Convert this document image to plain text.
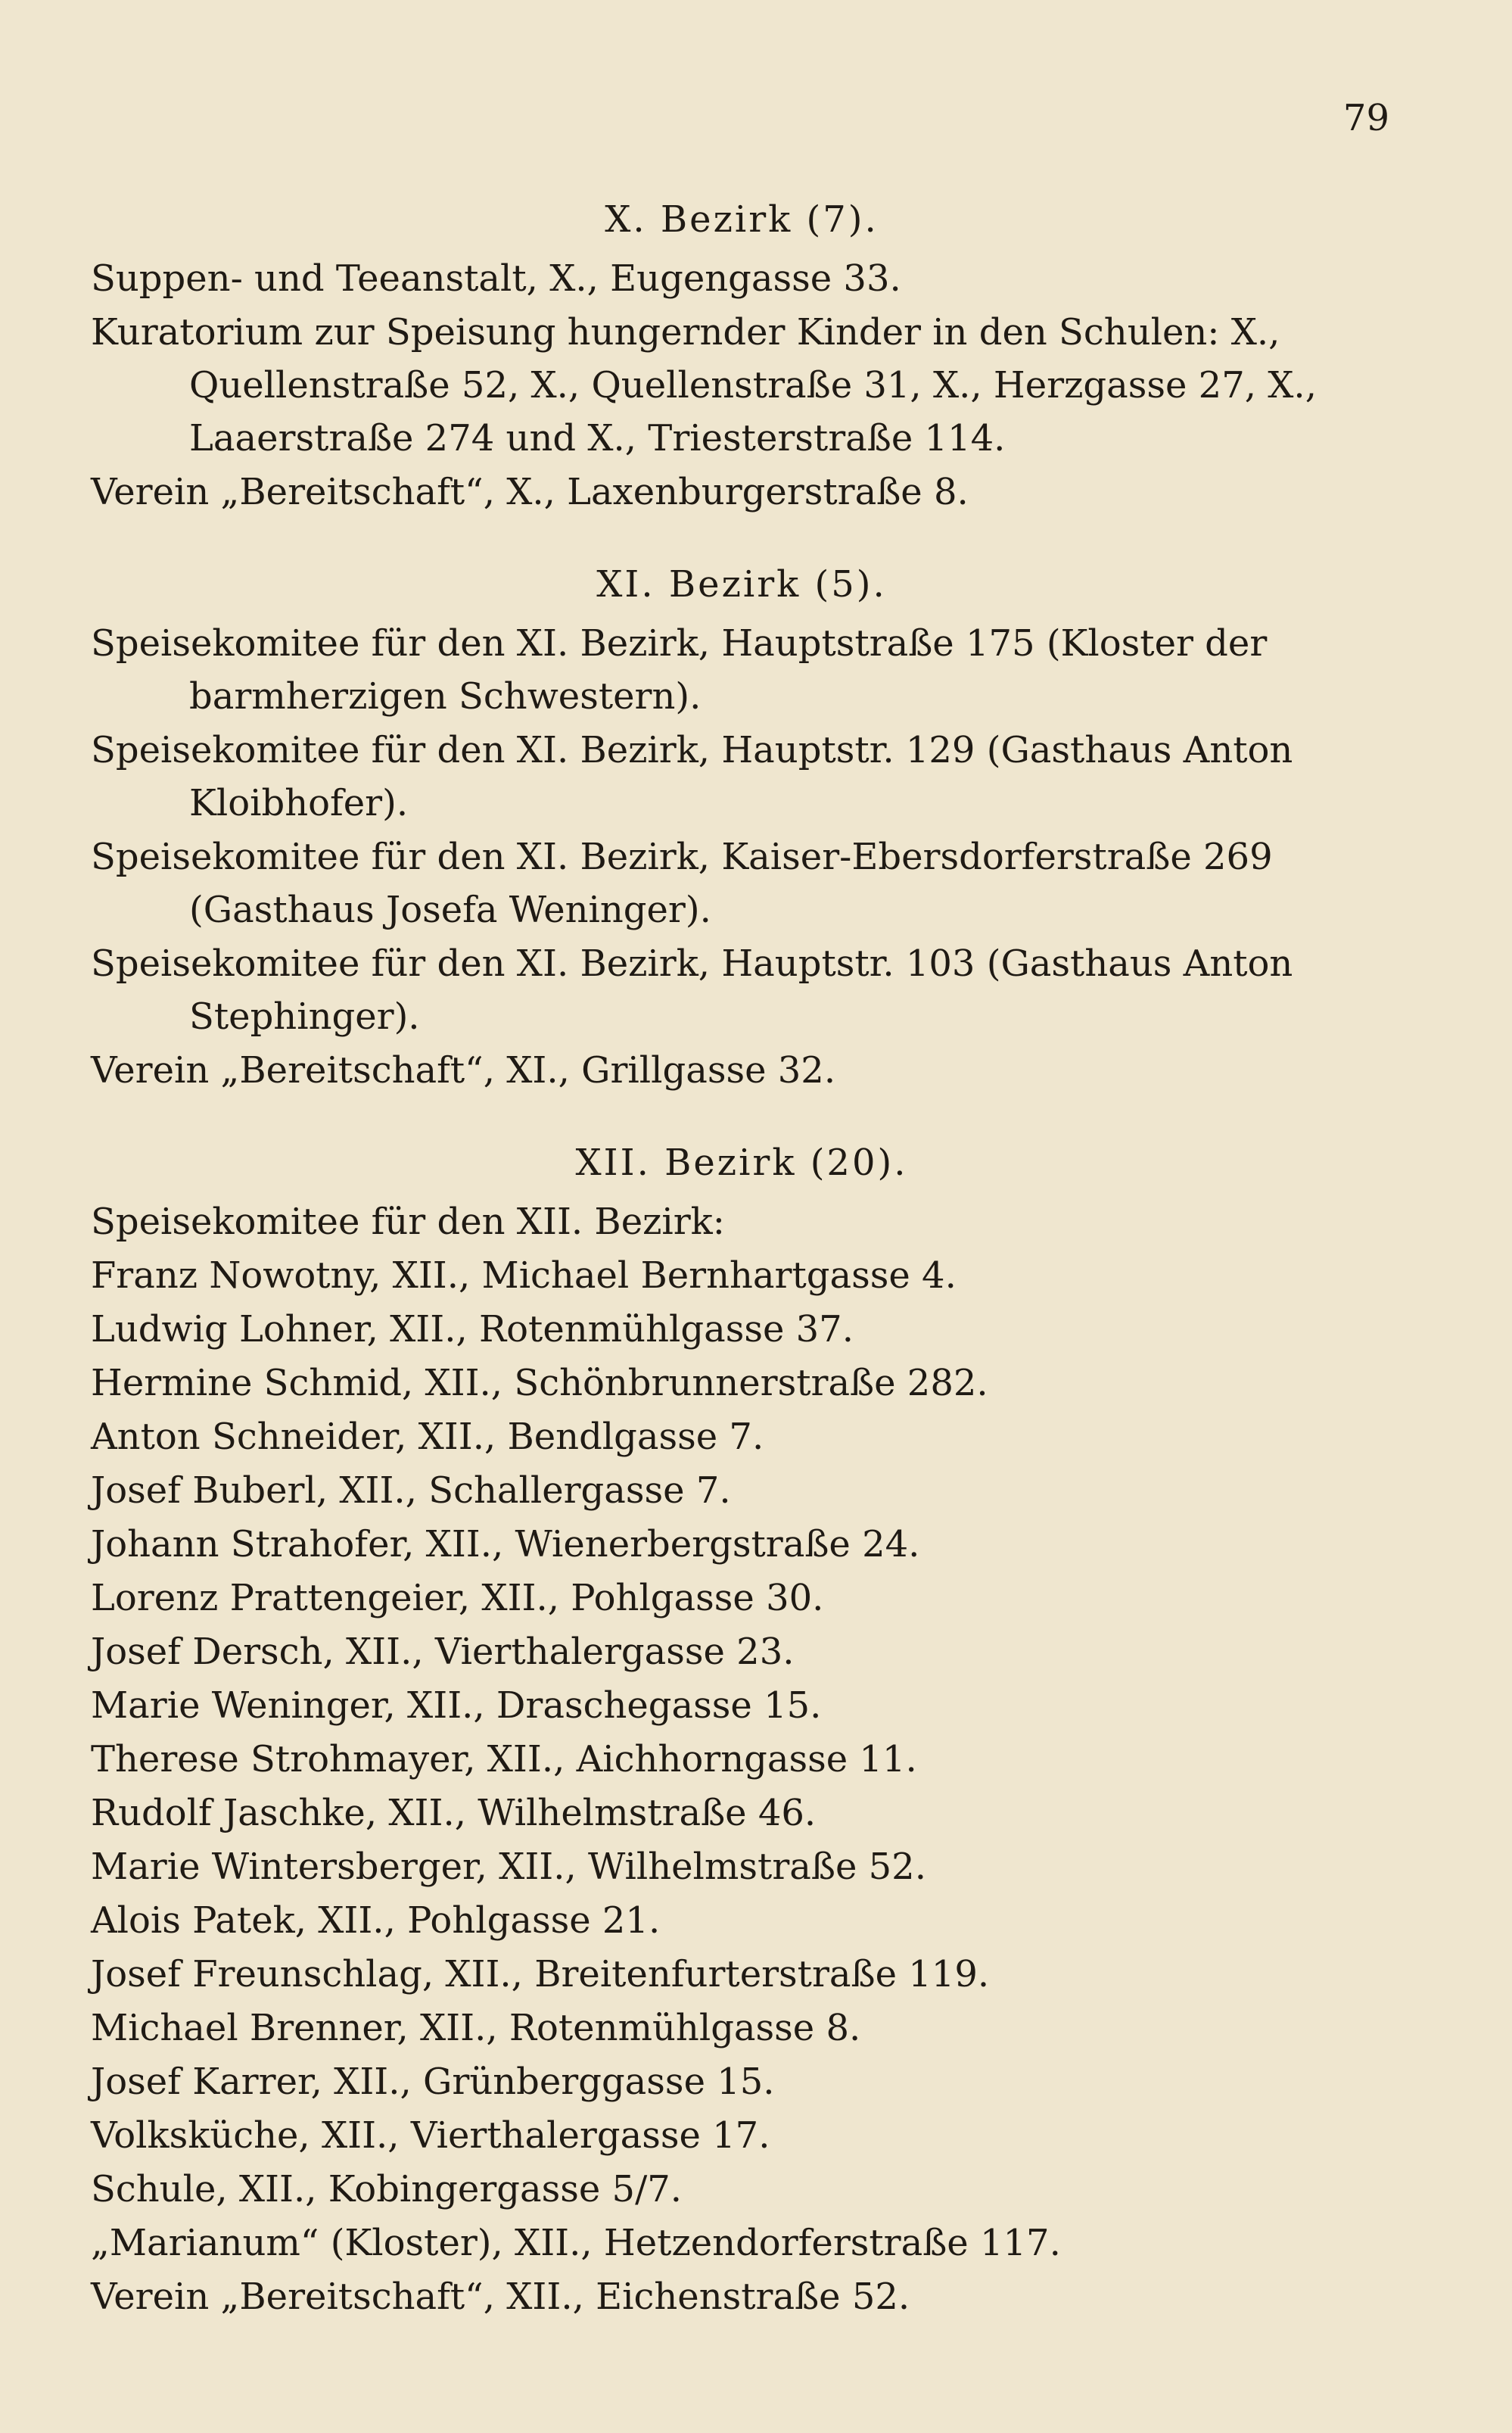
79
X. Bezirk (7).
Suppen- und Teeanstalt, X., Eugengasse 33.
Kuratorium zur Speisung hungernder Kinder in den Schulen: X., Quellenstraße 52, X., Quellenstraße 31, X., Herzgasse 27, X., Laaerstraße 274 und X., Triesterstraße 114.
Verein „Bereitschaft“, X., Laxenburgerstraße 8.
XI. Bezirk (5).
Speisekomitee für den XI. Bezirk, Hauptstraße 175 (Kloster der barmherzigen Schwestern).
Speisekomitee für den XI. Bezirk, Hauptstr. 129 (Gasthaus Anton Kloibhofer).
Speisekomitee für den XI. Bezirk, Kaiser-Ebersdorferstraße 269 (Gasthaus Josefa Weninger).
Speisekomitee für den XI. Bezirk, Hauptstr. 103 (Gasthaus Anton Stephinger).
Verein „Bereitschaft“, XI., Grillgasse 32.
XII. Bezirk (20).
Speisekomitee für den XII. Bezirk:
Franz Nowotny, XII., Michael Bernhartgasse 4.
Ludwig Lohner, XII., Rotenmühlgasse 37.
Hermine Schmid, XII., Schönbrunnerstraße 282.
Anton Schneider, XII., Bendlgasse 7.
Josef Buberl, XII., Schallergasse 7.
Johann Strahofer, XII., Wienerbergstraße 24.
Lorenz Prattengeier, XII., Pohlgasse 30.
Josef Dersch, XII., Vierthalergasse 23.
Marie Weninger, XII., Draschegasse 15.
Therese Strohmayer, XII., Aichhorngasse 11.
Rudolf Jaschke, XII., Wilhelmstraße 46.
Marie Wintersberger, XII., Wilhelmstraße 52.
Alois Patek, XII., Pohlgasse 21.
Josef Freunschlag, XII., Breitenfurterstraße 119.
Michael Brenner, XII., Rotenmühlgasse 8.
Josef Karrer, XII., Grünberggasse 15.
Volksküche, XII., Vierthalergasse 17.
Schule, XII., Kobingergasse 5/7.
„Marianum“ (Kloster), XII., Hetzendorferstraße 117.
Verein „Bereitschaft“, XII., Eichenstraße 52.
